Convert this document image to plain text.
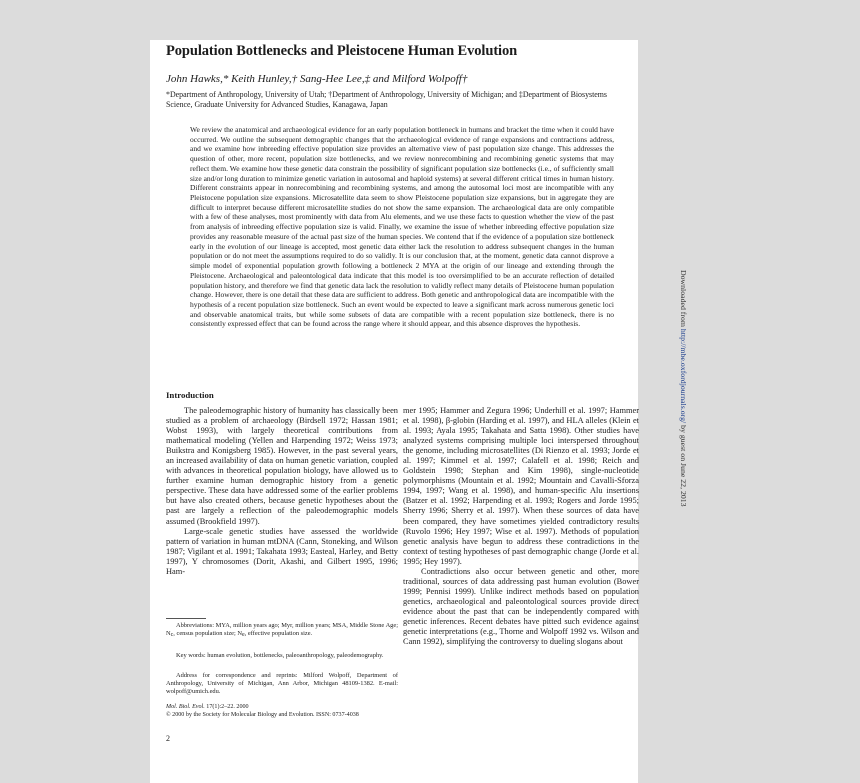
Population Bottlenecks and Pleistocene Human Evolution
John Hawks,* Keith Hunley,† Sang-Hee Lee,‡ and Milford Wolpoff†
*Department of Anthropology, University of Utah; †Department of Anthropology, University of Michigan; and ‡Department of Biosystems Science, Graduate University for Advanced Studies, Kanagawa, Japan
We review the anatomical and archaeological evidence for an early population bottleneck in humans and bracket the time when it could have occurred. We outline the subsequent demographic changes that the archaeological evidence of range expansions and contractions address, and we examine how inbreeding effective population size provides an alternative view of past population size change. This addresses the question of other, more recent, population size bottlenecks, and we review nonrecombining and recombining genetic systems that may reflect them. We examine how these genetic data constrain the possibility of significant population size bottlenecks (i.e., of sufficiently small size and/or long duration to minimize genetic variation in autosomal and haploid systems) at several different critical times in human history. Different constraints appear in nonrecombining and recombining systems, and among the autosomal loci most are incompatible with any Pleistocene population size expansions. Microsatellite data seem to show Pleistocene population size expansions, but in aggregate they are difficult to interpret because different microsatellite studies do not show the same expansion. The archaeological data are only compatible with a few of these analyses, most prominently with data from Alu elements, and we use these facts to question whether the view of the past from analysis of inbreeding effective population size is valid. Finally, we examine the issue of whether inbreeding effective population size provides any reasonable measure of the actual past size of the human species. We contend that if the evidence of a population size bottleneck early in the evolution of our lineage is accepted, most genetic data either lack the resolution to address subsequent changes in the human population or do not meet the assumptions required to do so validly. It is our conclusion that, at the moment, genetic data cannot disprove a simple model of exponential population growth following a bottleneck 2 MYA at the origin of our lineage and extending through the Pleistocene. Archaeological and paleontological data indicate that this model is too oversimplified to be an accurate reflection of detailed population history, and therefore we find that genetic data lack the resolution to validly reflect many details of Pleistocene human population change. However, there is one detail that these data are sufficient to address. Both genetic and anthropological data are incompatible with the hypothesis of a recent population size bottleneck. Such an event would be expected to leave a significant mark across numerous genetic loci and observable anatomical traits, but while some subsets of data are compatible with a recent population size bottleneck, there is no consistently expressed effect that can be found across the range where it should appear, and this absence disproves the hypothesis.
Introduction

The paleodemographic history of humanity has classically been studied as a problem of archaeology (Birdsell 1972; Hassan 1981; Wobst 1993), with largely theoretical contributions from mathematical modeling (Yellen and Harpending 1972; Weiss 1973; Buikstra and Konigsberg 1985). However, in the past several years, an increased availability of data on human genetic variation, coupled with advances in theoretical population biology, have allowed us to further examine human demographic history from a genetic perspective. These data have addressed some of the earlier problems but have also created others, because genetic hypotheses about the past are largely a reflection of the paleodemographic models assumed (Brookfield 1997).

Large-scale genetic studies have assessed the worldwide pattern of variation in human mtDNA (Cann, Stoneking, and Wilson 1987; Vigilant et al. 1991; Takahata 1993; Easteal, Harley, and Betty 1997), Y chromosomes (Dorit, Akashi, and Gilbert 1995, 1996; Ham-

mer 1995; Hammer and Zegura 1996; Underhill et al. 1997; Hammer et al. 1998), β-globin (Harding et al. 1997), and HLA alleles (Klein et al. 1993; Ayala 1995; Takahata and Satta 1998). Other studies have analyzed systems comprising multiple loci interspersed throughout the genome, including microsatellites (Di Rienzo et al. 1993; Jorde et al. 1997; Kimmel et al. 1997; Calafell et al. 1998; Reich and Goldstein 1998; Stephan and Kim 1998), single-nucleotide polymorphisms (Mountain et al. 1992; Mountain and Cavalli-Sforza 1994, 1997; Wang et al. 1998), and human-specific Alu insertions (Batzer et al. 1992; Harpending et al. 1993; Rogers and Jorde 1995; Sherry 1996; Sherry et al. 1997). When these sources of data have been compared, they have sometimes yielded contradictory results (Ruvolo 1996; Hey 1997; Wise et al. 1997). Methods of population genetic analysis have begun to address these contradictions in the context of testing hypotheses of past demographic change (Jorde et al. 1995; Hey 1997).

Contradictions also occur between genetic and other, more traditional, sources of data addressing past human evolution (Bower 1999; Pennisi 1999). Unlike indirect methods based on population genetics, archaeological and paleontological sources provide direct evidence about the past that can be independently compared with genetic inferences. Recent debates have pitted such evidence against genetic interpretations (e.g., Thorne and Wolpoff 1992 vs. Wilson and Cann 1992), simplifying the controversy to dueling slogans about

Abbreviations: MYA, million years ago; Myr, million years; MSA, Middle Stone Age; Nc, census population size; Ne, effective population size.

Key words: human evolution, bottlenecks, paleoanthropology, paleodemography.

Address for correspondence and reprints: Milford Wolpoff, Department of Anthropology, University of Michigan, Ann Arbor, Michigan 48109-1382. E-mail: wolpoff@umich.edu.

Mol. Biol. Evol. 17(1):2–22. 2000
© 2000 by the Society for Molecular Biology and Evolution. ISSN: 0737-4038
2
Downloaded from http://mbe.oxfordjournals.org/ by guest on June 22, 2013
